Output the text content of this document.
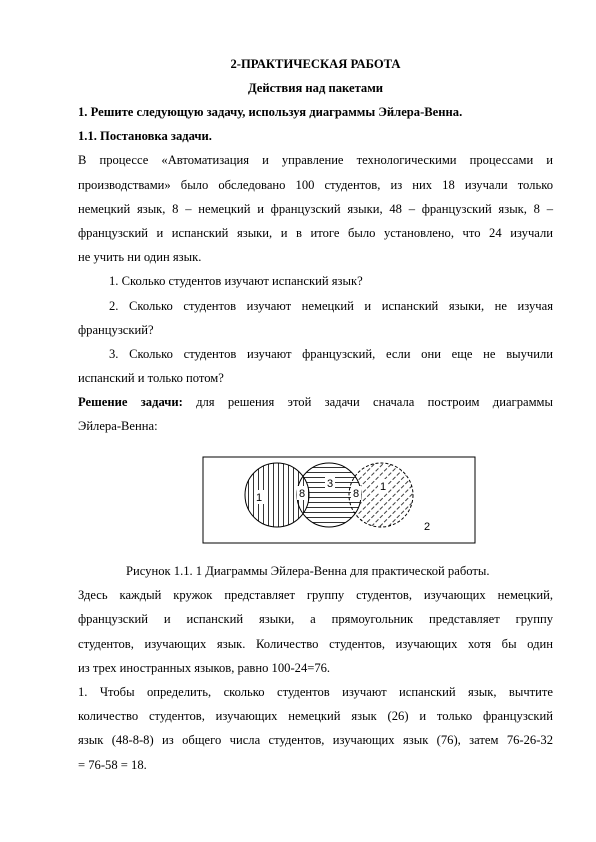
2-ПРАКТИЧЕСКАЯ РАБОТА
Действия над пакетами
1. Решите следующую задачу, используя диаграммы Эйлера-Венна.
1.1. Постановка задачи.
В процессе «Автоматизация и управление технологическими процессами и
производствами» было обследовано 100 студентов, из них 18 изучали только
немецкий язык, 8 – немецкий и французский языки, 48 – французский язык, 8 –
французский и испанский языки, и в итоге было установлено, что 24 изучали
не учить ни один язык.
1. Сколько студентов изучают испанский язык?
2. Сколько студентов изучают немецкий и испанский языки, не изучая
французский?
3. Сколько студентов изучают французский, если они еще не выучили
испанский и только потом?
Решение задачи: для решения этой задачи сначала построим диаграммы
Эйлера-Венна:
1	8
3
8
1
2
Рисунок 1.1. 1 Диаграммы Эйлера-Венна для практической работы.
Здесь каждый кружок представляет группу студентов, изучающих немецкий,
французский и испанский языки, а прямоугольник представляет группу
студентов, изучающих язык. Количество студентов, изучающих хотя бы один
из трех иностранных языков, равно 100-24=76.
1. Чтобы определить, сколько студентов изучают испанский язык, вычтите
количество студентов, изучающих немецкий язык (26) и только французский
язык (48-8-8) из общего числа студентов, изучающих язык (76), затем 76-26-32
= 76-58 = 18.
